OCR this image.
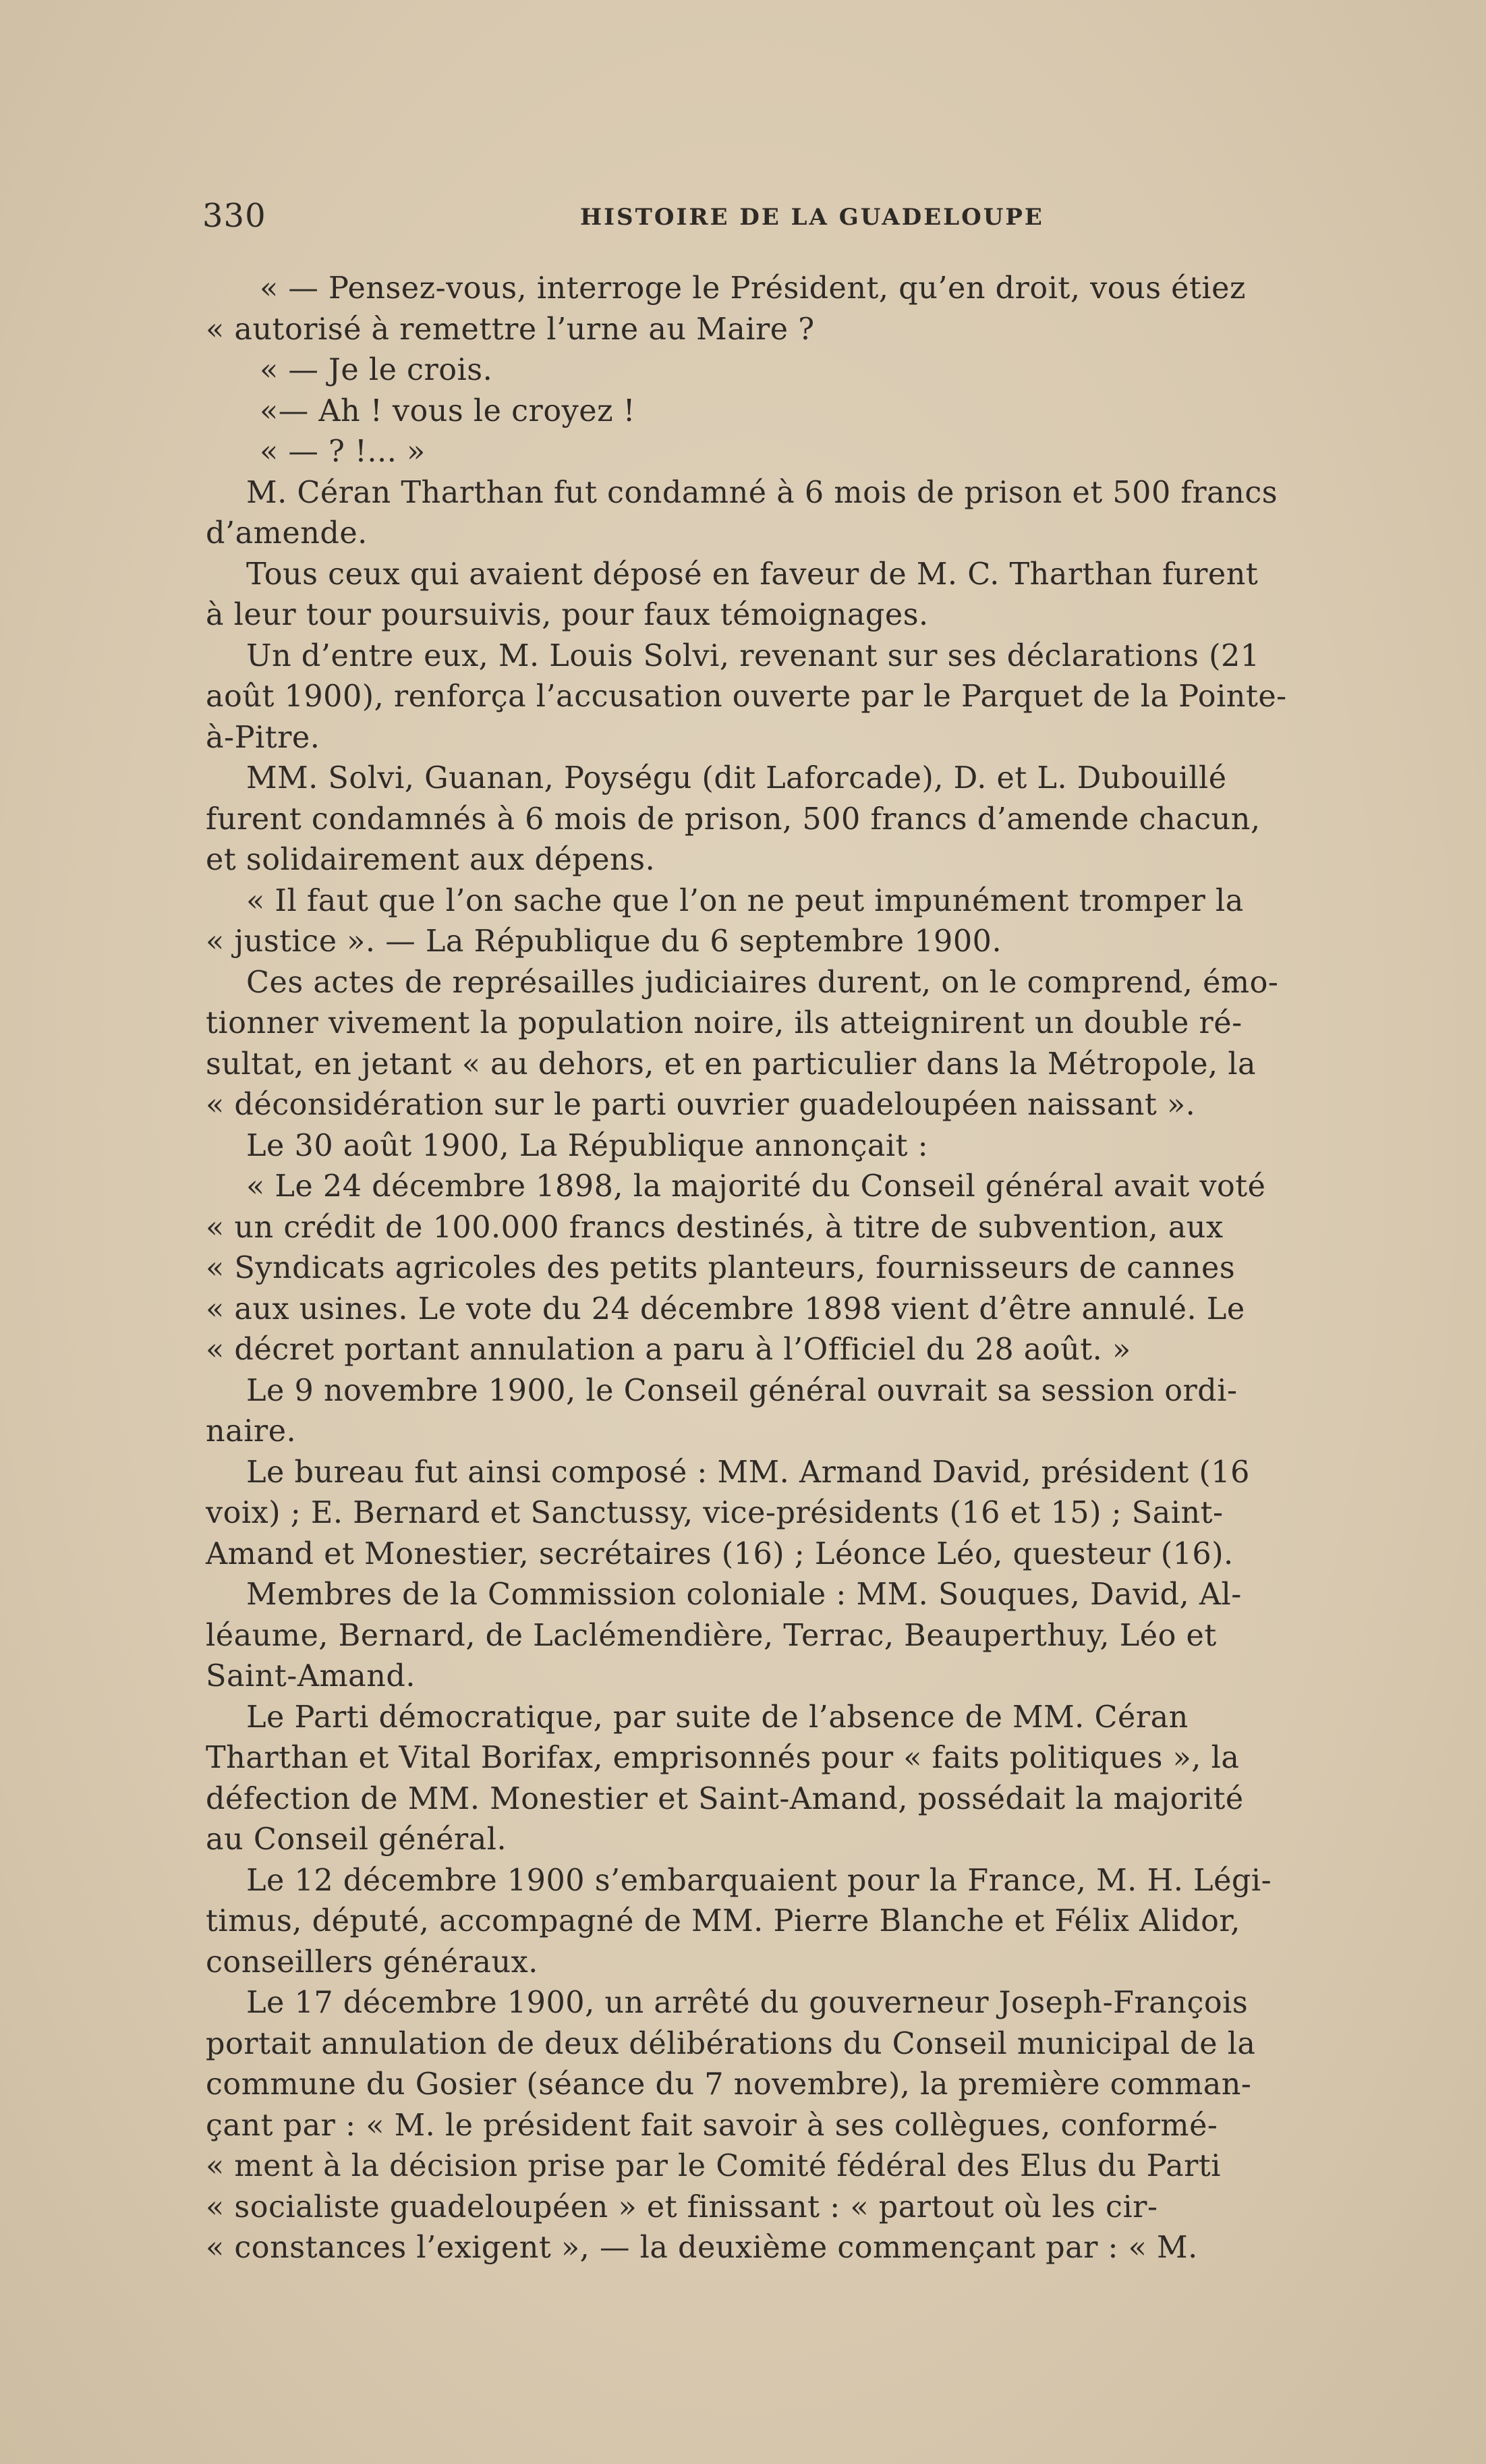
330	HISTOIRE DE LA GUADELOUPE
« — Pensez-vous, interroge le Président, qu’en droit, vous étiez
« autorisé à remettre l’urne au Maire ?
« — Je le crois.
«— Ah ! vous le croyez !
« — ? !... »
M. Céran Tharthan fut condamné à 6 mois de prison et 500 francs
d’amende.
Tous ceux qui avaient déposé en faveur de M. C. Tharthan furent
à leur tour poursuivis, pour faux témoignages.
Un d’entre eux, M. Louis Solvi, revenant sur ses déclarations (21
août 1900), renforça l’accusation ouverte par le Parquet de la Pointe-
à-Pitre.
MM. Solvi, Guanan, Poységu (dit Laforcade), D. et L. Dubouillé
furent condamnés à 6 mois de prison, 500 francs d’amende chacun,
et solidairement aux dépens.
« Il faut que l’on sache que l’on ne peut impunément tromper la
« justice ». — La République du 6 septembre 1900.
Ces actes de représailles judiciaires durent, on le comprend, émo-
tionner vivement la population noire, ils atteignirent un double ré-
sultat, en jetant « au dehors, et en particulier dans la Métropole, la
« déconsidération sur le parti ouvrier guadeloupéen naissant ».
Le 30 août 1900, La République annonçait :
« Le 24 décembre 1898, la majorité du Conseil général avait voté
« un crédit de 100.000 francs destinés, à titre de subvention, aux
« Syndicats agricoles des petits planteurs, fournisseurs de cannes
« aux usines. Le vote du 24 décembre 1898 vient d’être annulé. Le
« décret portant annulation a paru à l’Officiel du 28 août. »
Le 9 novembre 1900, le Conseil général ouvrait sa session ordi-
naire.
Le bureau fut ainsi composé : MM. Armand David, président (16
voix) ; E. Bernard et Sanctussy, vice-présidents (16 et 15) ; Saint-
Amand et Monestier, secrétaires (16) ; Léonce Léo, questeur (16).
Membres de la Commission coloniale : MM. Souques, David, Al-
léaume, Bernard, de Laclémendière, Terrac, Beauperthuy, Léo et
Saint-Amand.
Le Parti démocratique, par suite de l’absence de MM. Céran
Tharthan et Vital Borifax, emprisonnés pour « faits politiques », la
défection de MM. Monestier et Saint-Amand, possédait la majorité
au Conseil général.
Le 12 décembre 1900 s’embarquaient pour la France, M. H. Légi-
timus, député, accompagné de MM. Pierre Blanche et Félix Alidor,
conseillers généraux.
Le 17 décembre 1900, un arrêté du gouverneur Joseph-François
portait annulation de deux délibérations du Conseil municipal de la
commune du Gosier (séance du 7 novembre), la première comman-
çant par : « M. le président fait savoir à ses collègues, conformé-
« ment à la décision prise par le Comité fédéral des Elus du Parti
« socialiste guadeloupéen » et finissant : « partout où les cir-
« constances l’exigent », — la deuxième commençant par : « M.
